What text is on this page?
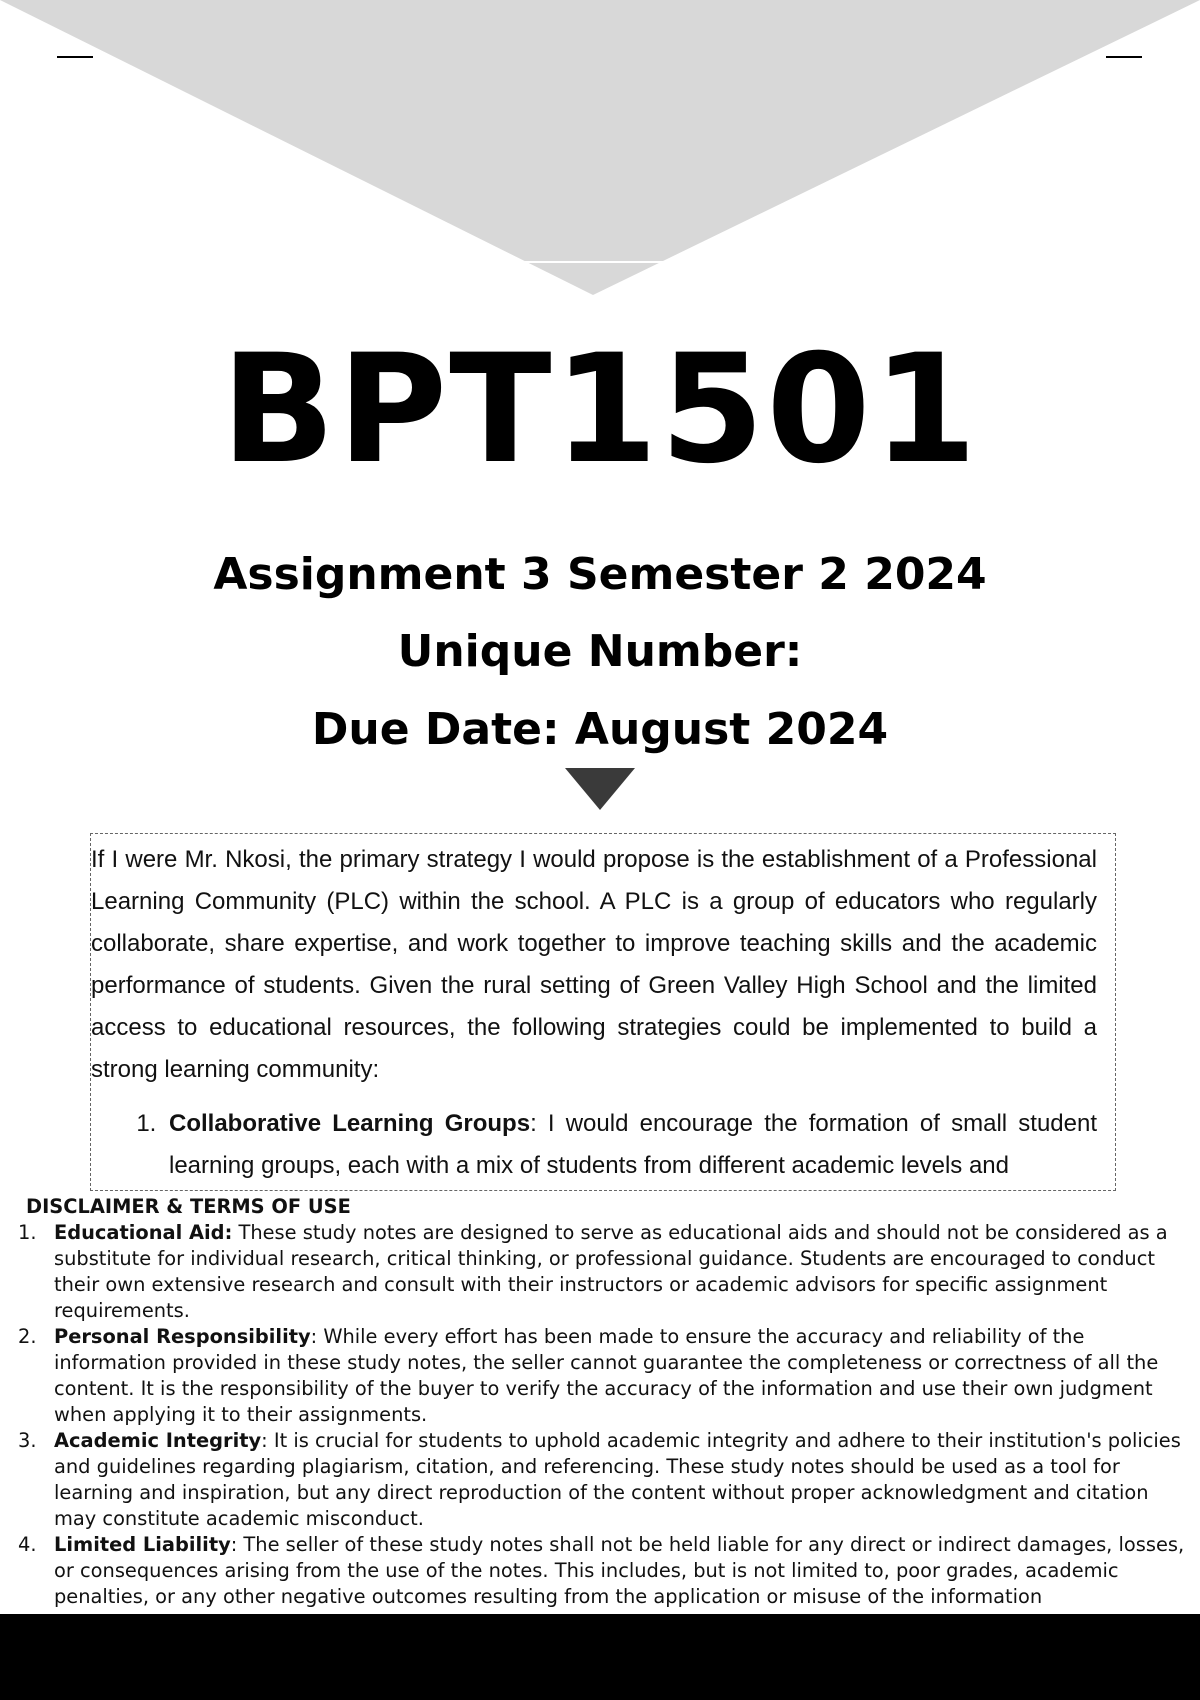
BPT1501
Assignment 3 Semester 2 2024
Unique Number:
Due Date: August 2024

If I were Mr. Nkosi, the primary strategy I would propose is the establishment of a Professional Learning Community (PLC) within the school. A PLC is a group of educators who regularly collaborate, share expertise, and work together to improve teaching skills and the academic performance of students. Given the rural setting of Green Valley High School and the limited access to educational resources, the following strategies could be implemented to build a strong learning community:

1. Collaborative Learning Groups: I would encourage the formation of small student learning groups, each with a mix of students from different academic levels and
DISCLAIMER & TERMS OF USE
1. Educational Aid: These study notes are designed to serve as educational aids and should not be considered as a substitute for individual research, critical thinking, or professional guidance. Students are encouraged to conduct their own extensive research and consult with their instructors or academic advisors for specific assignment requirements.
2. Personal Responsibility: While every effort has been made to ensure the accuracy and reliability of the information provided in these study notes, the seller cannot guarantee the completeness or correctness of all the content. It is the responsibility of the buyer to verify the accuracy of the information and use their own judgment when applying it to their assignments.
3. Academic Integrity: It is crucial for students to uphold academic integrity and adhere to their institution's policies and guidelines regarding plagiarism, citation, and referencing. These study notes should be used as a tool for learning and inspiration, but any direct reproduction of the content without proper acknowledgment and citation may constitute academic misconduct.
4. Limited Liability: The seller of these study notes shall not be held liable for any direct or indirect damages, losses, or consequences arising from the use of the notes. This includes, but is not limited to, poor grades, academic penalties, or any other negative outcomes resulting from the application or misuse of the information
